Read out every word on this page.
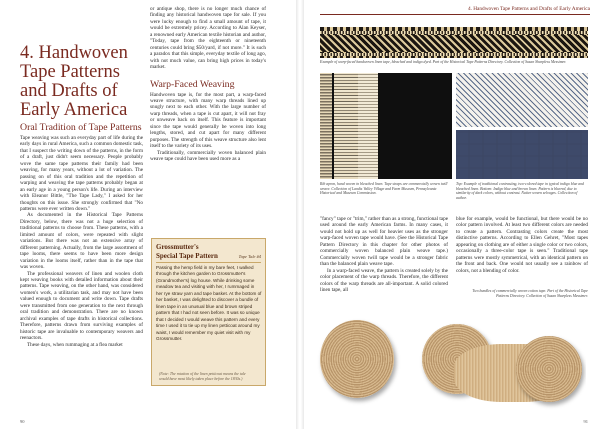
4. Handwoven Tape Patterns and Drafts of Early America
Oral Tradition of Tape Patterns

Tape weaving was such an everyday part of life during the early days in rural America, such a common domestic task, that I suspect the writing down of the patterns, in the form of a draft, just didn't seem necessary. People probably wove the same tape patterns their family had been weaving, for many years, without a lot of variation. The passing on of this oral tradition and the repetition of warping and weaving the tape patterns probably began at an early age in a young person's life. During an interview with Eleanor Bittle, "The Tape Lady," I asked for her thoughts on this issue. She strongly confirmed that "No patterns were ever written down."

As documented in the Historical Tape Patterns Directory, below, there was not a huge selection of traditional patterns to choose from. These patterns, with a limited amount of colors, were repeated with slight variations. But there was not an extensive array of different patterning. Actually, from the large assortment of tape looms, there seems to have been more design variation in the looms itself, rather than in the tape that was woven.

The professional weavers of linen and woolen cloth kept weaving books with detailed information about their patterns. Tape weaving, on the other hand, was considered women's work, a utilitarian task, and may not have been valued enough to document and write down. Tape drafts were transmitted from one generation to the next through oral tradition and demonstration. There are no known archival examples of tape drafts in historical collections. Therefore, patterns drawn from surviving examples of historic tape are invaluable to contemporary weavers and reenactors.

These days, when rummaging at a flea market

or antique shop, there is no longer much chance of finding any historical handwoven tape for sale. If you were lucky enough to find a small amount of tape, it would be extremely pricey. According to Alan Keyser, a renowned early American textile historian and author, "Today, tape from the eighteenth or nineteenth centuries could bring $50/yard, if not more." It is such a paradox that this simple, everyday textile of long ago, with not much value, can bring high prices in today's market.

Warp-Faced Weaving

Handwoven tape is, for the most part, a warp-faced weave structure, with many warp threads lined up snugly next to each other. With the large number of warp threads, when a tape is cut apart, it will not fray or unweave back on itself. This feature is important since the tape would generally be woven into long lengths, stored, and cut apart for many different purposes. The strength of this weave structure also lent itself to the variety of its uses.

Traditionally, commercially woven balanced plain weave tape could have been used more as a

Grossmutter's
Special Tape Pattern	Tape Tale #4
Passing the hemp field in my bare feet, I walked through the kitchen garden to Grossmutter's (Grandmother's) log house. While drinking some meadow tea and visiting with her, I rummaged in her rye straw yarn and tape basket. At the bottom of her basket, I was delighted to discover a bundle of linen tape in an unusual blue and brown striped pattern that I had not seen before. It was so unique that I decided I would weave this pattern and every time I used it to tie up my linen petticoat around my waist, I would remember my quiet visit with my Grossmutter.
(Note: The rotation of the linen petticoat means the tale would have most likely taken place before the 1830s.)
90
4. Handwoven Tape Patterns and Drafts of Early America
Example of warp-faced handwoven linen tape, bleached and indigo dyed. Part of the Historical Tape Patterns Directory. Collection of Susan Sharpless Messimer.
Rib apron, hand woven in bleached linen. Tape straps are commercially woven twill weave. Collection of Landis Valley Village and Farm Museum, Pennsylvania Historical and Museum Commission.
Top: Example of traditional contrasting, two-colored tape in typical indigo blue and bleached linen. Bottom: Indigo blue and brown linen. Pattern is blurred, due to similarity of dark colors, without contrast. Native woven selvages. Collection of author.

"fancy" tape or "trim," rather than as a strong, functional tape used around the early American farms. In many cases, it would not hold up as well for heavier uses as the stronger warp-faced woven tape would have. (See the Historical Tape Pattern Directory in this chapter for other photos of commercially woven balanced plain weave tape.) Commercially woven twill tape would be a stronger fabric than the balanced plain weave tape.

In a warp-faced weave, the pattern is created solely by the color placement of the warp threads. Therefore, the different colors of the warp threads are all-important. A solid colored linen tape, all

blue for example, would be functional, but there would be no color pattern involved. At least two different colors are needed to create a pattern. Contrasting colors create the most distinctive patterns. According to Ellen Gehret, "Most tapes appearing on clothing are of either a single color or two colors, occasionally a three-color tape is seen." Traditional tape patterns were mostly symmetrical, with an identical pattern on the front and back. One would not usually see a rainbow of colors, not a blending of color.

Two bundles of commercially woven cotton tape. Part of the Historical Tape Patterns Directory. Collection of Susan Sharpless Messimer.
91
